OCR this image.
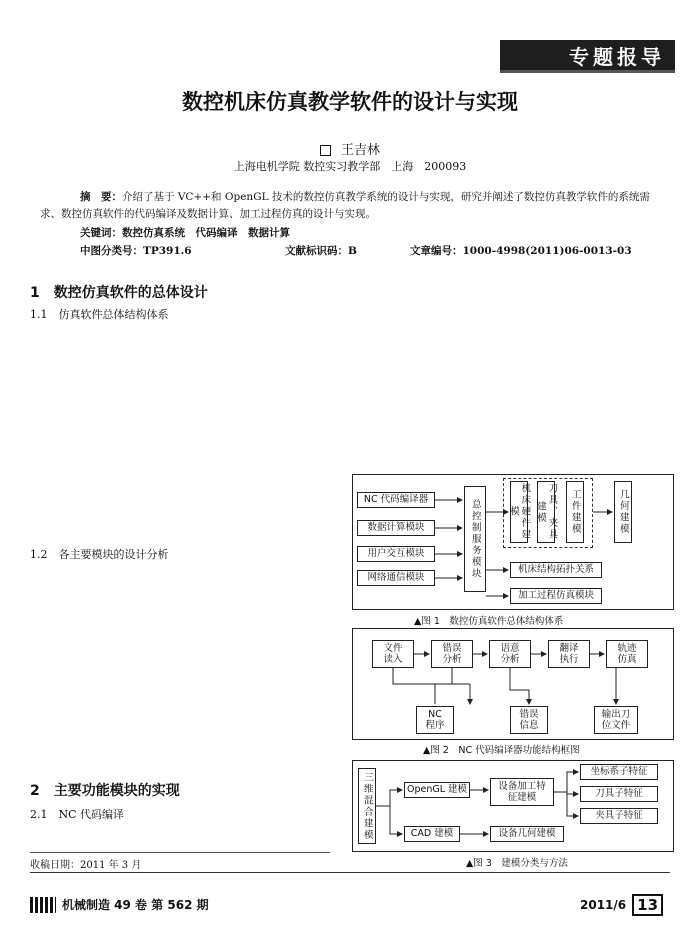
专题报导
数控机床仿真教学软件的设计与实现
王吉林
上海电机学院 数控实习教学部　上海　200093
摘　要：介绍了基于 VC++和 OpenGL 技术的数控仿真教学系统的设计与实现，研究并阐述了数控仿真教学软件的系统需求、数控仿真软件的代码编译及数据计算、加工过程仿真的设计与实现。
关键词：数控仿真系统　代码编译　数据计算
中图分类号：TP391.6	文献标识码：B	文章编号：1000-4998(2011)06-0013-03
1　数控仿真软件的总体设计
1.1　仿真软件总体结构体系
1.2　各主要模块的设计分析
2　主要功能模块的实现
2.1　NC 代码编译
收稿日期：2011 年 3 月
NC 代码编译器
数据计算模块
用户交互模块
网络通信模块	总控制服务模块	机床硬件建模	刀具、夹具建模	工件建模	几何建模
机床结构拓扑关系
加工过程仿真模块
▲图 1　数控仿真软件总体结构体系
文件读入
错误分析
语意分析
翻译执行
轨迹仿真
NC 程序
错误信息
输出刀位文件
▲图 2　NC 代码编译器功能结构框图
三维混合建模	OpenGL 建模
CAD 建模
设备加工特征建模
设备几何建模
坐标系子特征
刀具子特征
夹具子特征
▲图 3　建模分类与方法
机械制造 49 卷 第 562 期	2011/6 13
